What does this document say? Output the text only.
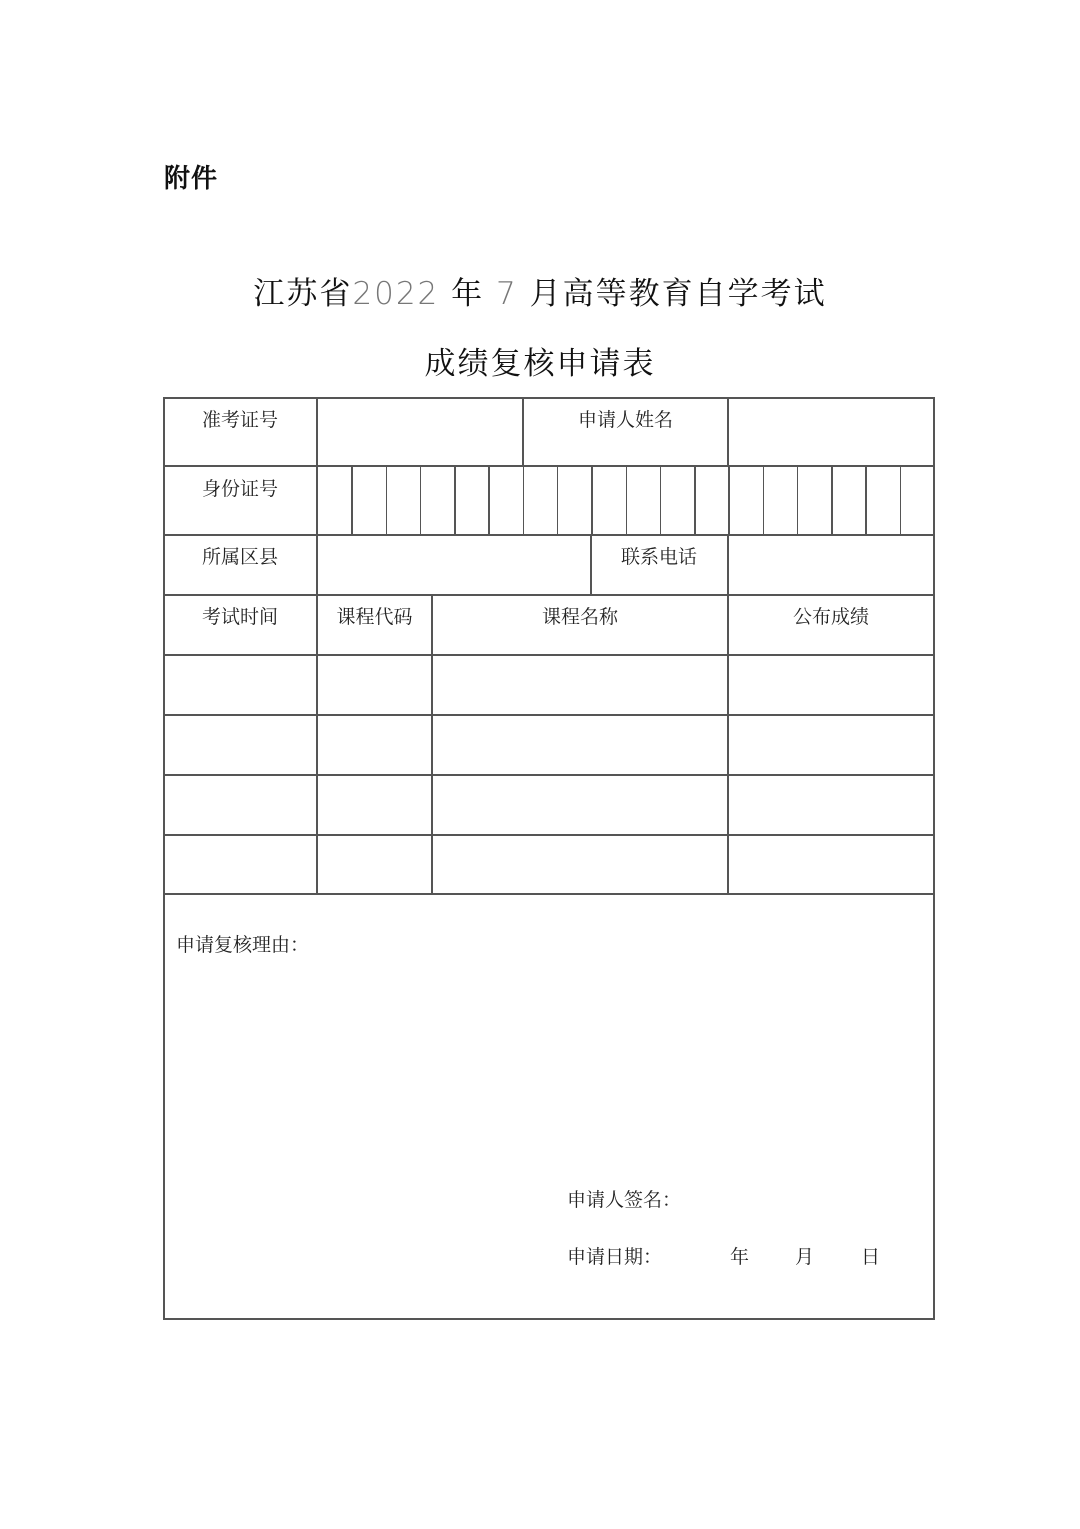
附件
江苏省2022 年 7 月高等教育自学考试
成绩复核申请表
准考证号	申请人姓名
身份证号
所属区县	联系电话
考试时间	课程代码	课程名称	公布成绩
申请复核理由：
申请人签名：
申请日期：	年 月 日
